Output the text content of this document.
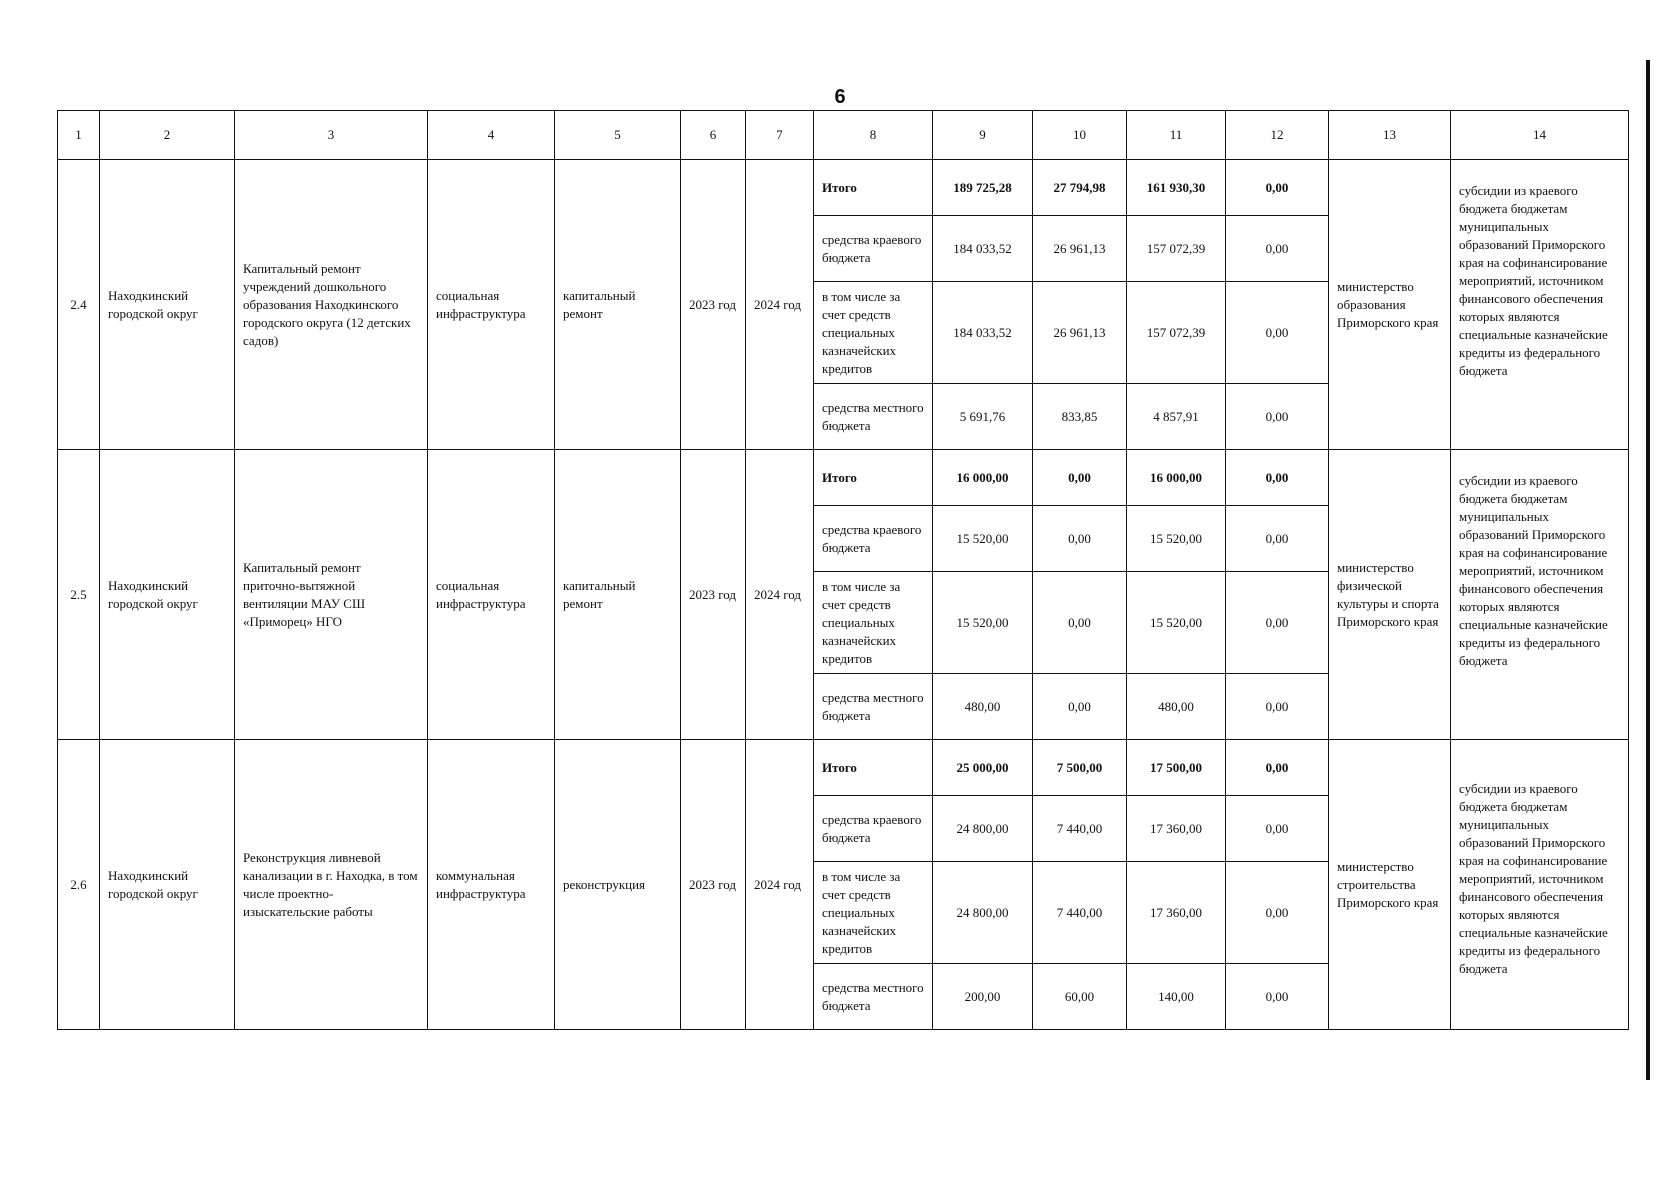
6
1	2	3	4	5	6	7	8	9	10	11	12	13	14
2.4	Находкинский городской округ	Капитальный ремонт учреждений дошкольного образования Находкинского городского округа (12 детских садов)	социальная инфраструктура	капитальный ремонт	2023 год	2024 год	Итого	189 725,28	27 794,98	161 930,30	0,00	министерство образования Приморского края	субсидии из краевого бюджета бюджетам муниципальных образований Приморского края на софинансирование мероприятий, источником финансового обеспечения которых являются специальные казначейские кредиты из федерального бюджета
							средства краевого бюджета	184 033,52	26 961,13	157 072,39	0,00		
							в том числе за счет средств специальных казначейских кредитов	184 033,52	26 961,13	157 072,39	0,00		
							средства местного бюджета	5 691,76	833,85	4 857,91	0,00		
2.5	Находкинский городской округ	Капитальный ремонт приточно-вытяжной вентиляции МАУ СШ «Приморец» НГО	социальная инфраструктура	капитальный ремонт	2023 год	2024 год	Итого	16 000,00	0,00	16 000,00	0,00	министерство физической культуры и спорта Приморского края	субсидии из краевого бюджета бюджетам муниципальных образований Приморского края на софинансирование мероприятий, источником финансового обеспечения которых являются специальные казначейские кредиты из федерального бюджета
							средства краевого бюджета	15 520,00	0,00	15 520,00	0,00		
							в том числе за счет средств специальных казначейских кредитов	15 520,00	0,00	15 520,00	0,00		
							средства местного бюджета	480,00	0,00	480,00	0,00		
2.6	Находкинский городской округ	Реконструкция ливневой канализации в г. Находка, в том числе проектно-изыскательские работы	коммунальная инфраструктура	реконструкция	2023 год	2024 год	Итого	25 000,00	7 500,00	17 500,00	0,00	министерство строительства Приморского края	субсидии из краевого бюджета бюджетам муниципальных образований Приморского края на софинансирование мероприятий, источником финансового обеспечения которых являются специальные казначейские кредиты из федерального бюджета
							средства краевого бюджета	24 800,00	7 440,00	17 360,00	0,00		
							в том числе за счет средств специальных казначейских кредитов	24 800,00	7 440,00	17 360,00	0,00		
							средства местного бюджета	200,00	60,00	140,00	0,00		
